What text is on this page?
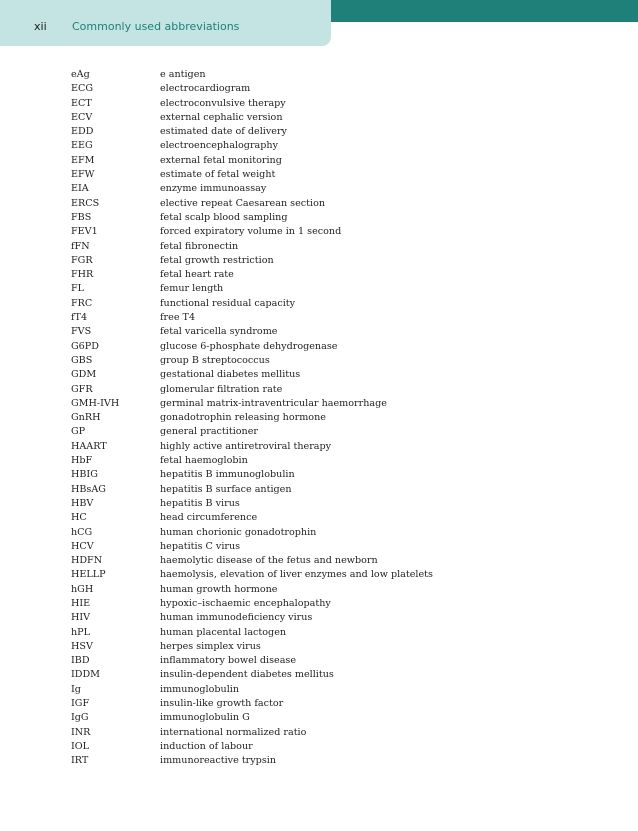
xii Commonly used abbreviations
eAg	e antigen
ECG	electrocardiogram
ECT	electroconvulsive therapy
ECV	external cephalic version
EDD	estimated date of delivery
EEG	electroencephalography
EFM	external fetal monitoring
EFW	estimate of fetal weight
EIA	enzyme immunoassay
ERCS	elective repeat Caesarean section
FBS	fetal scalp blood sampling
FEV1	forced expiratory volume in 1 second
fFN	fetal fibronectin
FGR	fetal growth restriction
FHR	fetal heart rate
FL	femur length
FRC	functional residual capacity
fT4	free T4
FVS	fetal varicella syndrome
G6PD	glucose 6-phosphate dehydrogenase
GBS	group B streptococcus
GDM	gestational diabetes mellitus
GFR	glomerular filtration rate
GMH-IVH	germinal matrix-intraventricular haemorrhage
GnRH	gonadotrophin releasing hormone
GP	general practitioner
HAART	highly active antiretroviral therapy
HbF	fetal haemoglobin
HBIG	hepatitis B immunoglobulin
HBsAG	hepatitis B surface antigen
HBV	hepatitis B virus
HC	head circumference
hCG	human chorionic gonadotrophin
HCV	hepatitis C virus
HDFN	haemolytic disease of the fetus and newborn
HELLP	haemolysis, elevation of liver enzymes and low platelets
hGH	human growth hormone
HIE	hypoxic–ischaemic encephalopathy
HIV	human immunodeficiency virus
hPL	human placental lactogen
HSV	herpes simplex virus
IBD	inflammatory bowel disease
IDDM	insulin-dependent diabetes mellitus
Ig	immunoglobulin
IGF	insulin-like growth factor
IgG	immunoglobulin G
INR	international normalized ratio
IOL	induction of labour
IRT	immunoreactive trypsin
